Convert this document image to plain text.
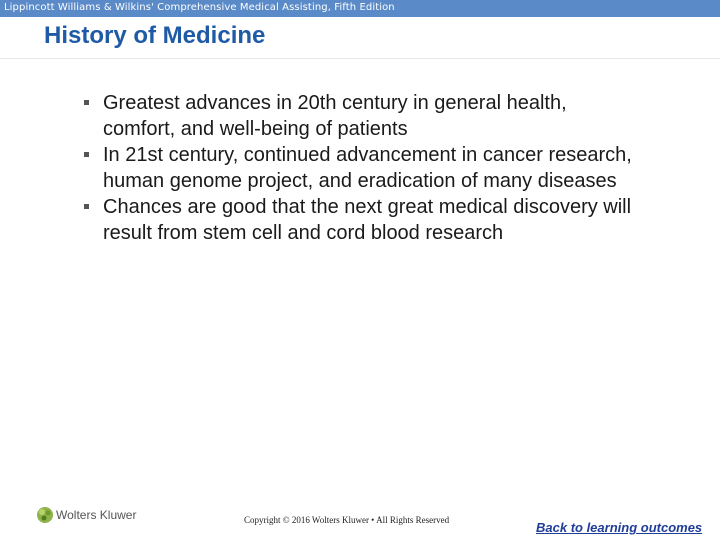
Lippincott Williams & Wilkins' Comprehensive Medical Assisting, Fifth Edition
History of Medicine
Greatest advances in 20th century in general health, comfort, and well-being of patients
In 21st century, continued advancement in cancer research, human genome project, and eradication of many diseases
Chances are good that the next great medical discovery will result from stem cell and cord blood research
Wolters Kluwer	Copyright © 2016 Wolters Kluwer • All Rights Reserved	Back to learning outcomes
